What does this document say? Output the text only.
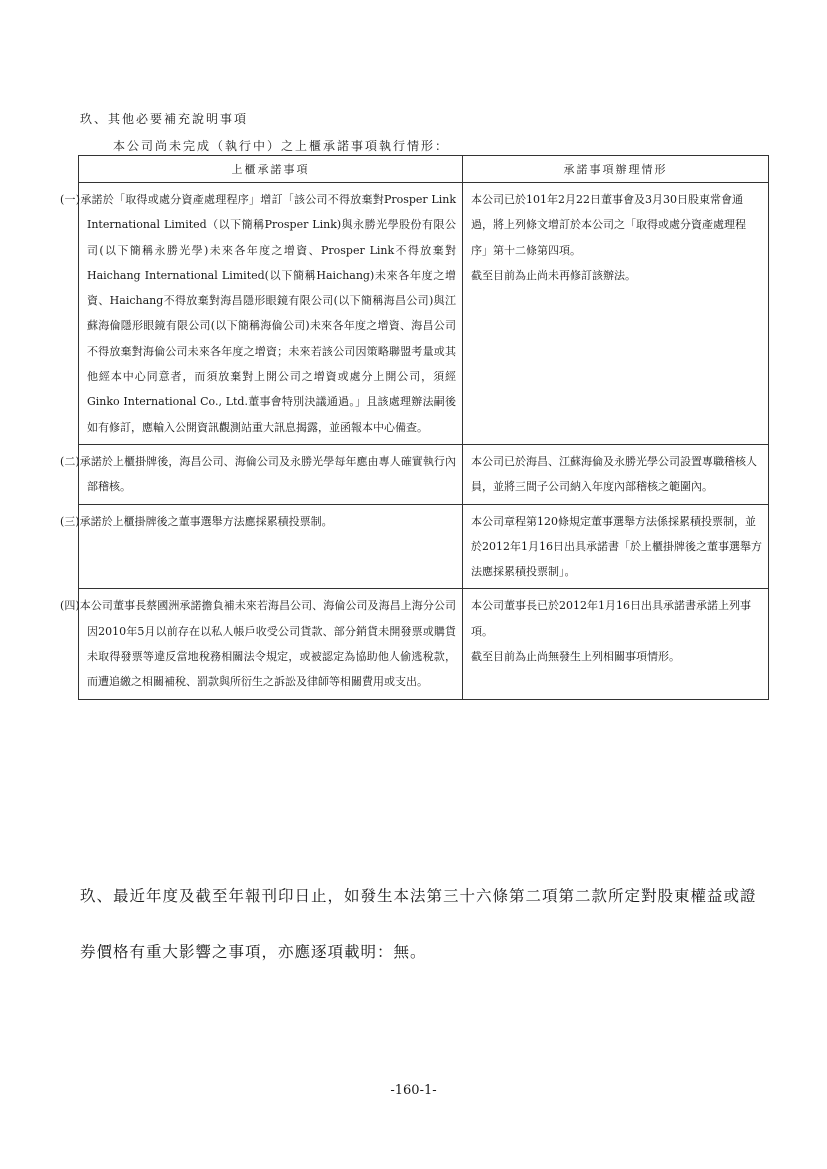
玖、其他必要補充說明事項

本公司尚未完成（執行中）之上櫃承諾事項執行情形：

上櫃承諾事項	承諾事項辦理情形

(一)承諾於「取得或處分資產處理程序」增訂「該公司不得放棄對Prosper Link International Limited（以下簡稱Prosper Link)與永勝光學股份有限公司(以下簡稱永勝光學)未來各年度之增資、Prosper Link不得放棄對Haichang International Limited(以下簡稱Haichang)未來各年度之增資、Haichang不得放棄對海昌隱形眼鏡有限公司(以下簡稱海昌公司)與江蘇海倫隱形眼鏡有限公司(以下簡稱海倫公司)未來各年度之增資、海昌公司不得放棄對海倫公司未來各年度之增資；未來若該公司因策略聯盟考量或其他經本中心同意者，而須放棄對上開公司之增資或處分上開公司，須經Ginko International Co., Ltd.董事會特別決議通過。」且該處理辦法嗣後如有修訂，應輸入公開資訊觀測站重大訊息揭露，並函報本中心備查。	本公司已於101年2月22日董事會及3月30日股東常會通過，將上列條文增訂於本公司之「取得或處分資產處理程序」第十二條第四項。

截至目前為止尚未再修訂該辦法。

(二)承諾於上櫃掛牌後，海昌公司、海倫公司及永勝光學每年應由專人確實執行內部稽核。	本公司已於海昌、江蘇海倫及永勝光學公司設置專職稽核人員，並將三間子公司納入年度內部稽核之範圍內。

(三)承諾於上櫃掛牌後之董事選舉方法應採累積投票制。	本公司章程第120條規定董事選舉方法係採累積投票制，並於2012年1月16日出具承諾書「於上櫃掛牌後之董事選舉方法應採累積投票制」。

(四)本公司董事長蔡國洲承諾擔負補未來若海昌公司、海倫公司及海昌上海分公司因2010年5月以前存在以私人帳戶收受公司貨款、部分銷貨未開發票或購貨未取得發票等違反當地稅務相關法令規定，或被認定為協助他人偷逃稅款，而遭追繳之相關補稅、罰款與所衍生之訴訟及律師等相關費用或支出。	本公司董事長已於2012年1月16日出具承諾書承諾上列事項。

截至目前為止尚無發生上列相關事項情形。

玖、最近年度及截至年報刊印日止，如發生本法第三十六條第二項第二款所定對股東權益或證券價格有重大影響之事項，亦應逐項載明：無。

-160-1-
